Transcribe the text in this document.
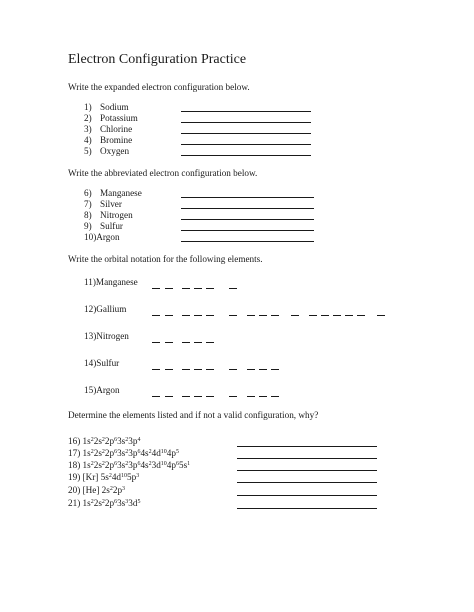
Electron Configuration Practice
Write the expanded electron configuration below.
1) Sodium
2) Potassium
3) Chlorine
4) Bromine
5) Oxygen
Write the abbreviated electron configuration below.
6) Manganese
7) Silver
8) Nitrogen
9) Sulfur
10)Argon
Write the orbital notation for the following elements.
11)Manganese
12)Gallium
13)Nitrogen
14)Sulfur
15)Argon
Determine the elements listed and if not a valid configuration, why?
16) $1s^22s^22p^63s^23p^4$
17) $1s^22s^22p^63s^23p^64s^24d^{10}4p^5$
18) $1s^22s^22p^63s^23p^64s^23d^{10}4p^65s^1$
19) [Kr] $5s^24d^{10}5p^3$
20) [He] $2s^22p^3$
21) $1s^22s^22p^63s^33d^5$
